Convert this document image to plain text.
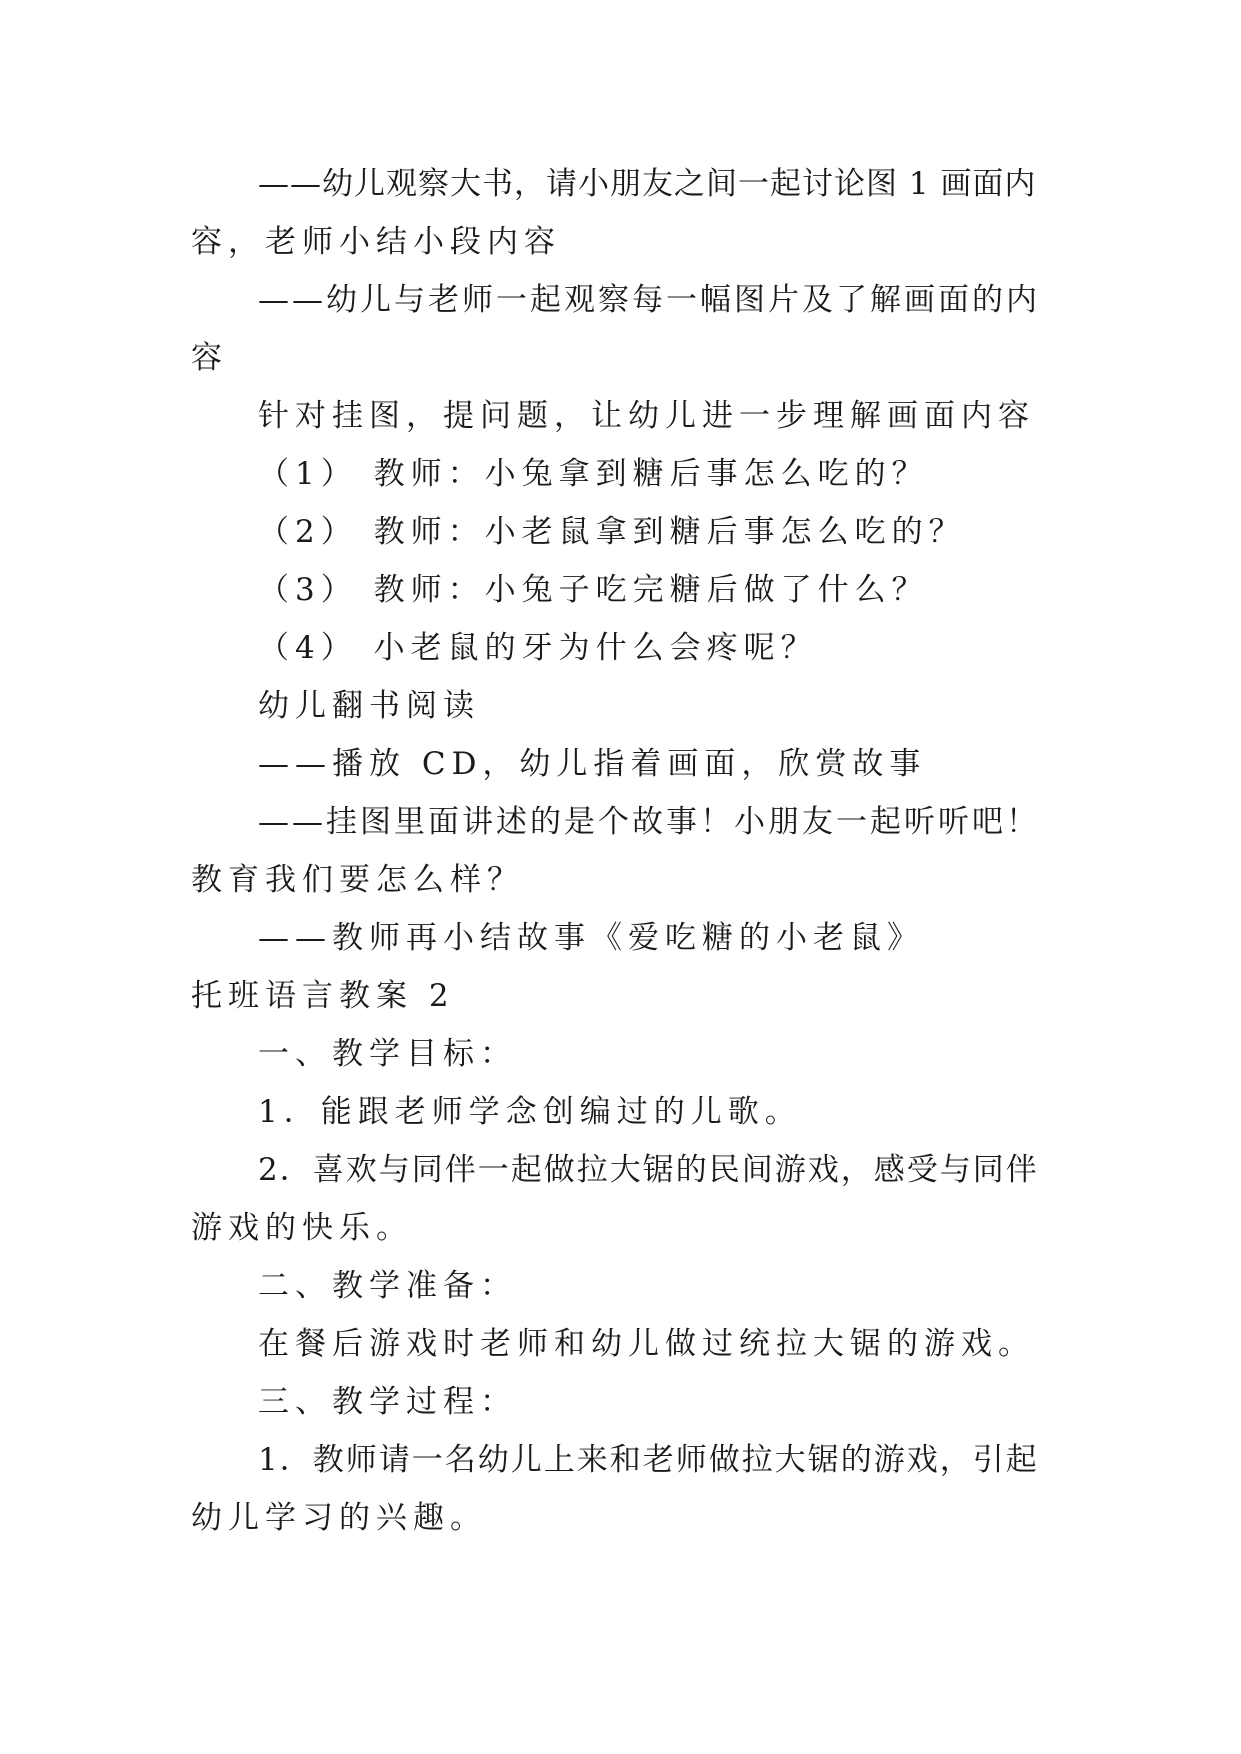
——幼儿观察大书，请小朋友之间一起讨论图 1 画面内
容，老师小结小段内容
——幼儿与老师一起观察每一幅图片及了解画面的内
容
针对挂图，提问题，让幼儿进一步理解画面内容
（1） 教师：小兔拿到糖后事怎么吃的？
（2） 教师：小老鼠拿到糖后事怎么吃的？
（3） 教师：小兔子吃完糖后做了什么？
（4） 小老鼠的牙为什么会疼呢？
幼儿翻书阅读
——播放 CD，幼儿指着画面，欣赏故事
——挂图里面讲述的是个故事！小朋友一起听听吧！
教育我们要怎么样？
——教师再小结故事《爱吃糖的小老鼠》
托班语言教案 2
一、教学目标：
1．能跟老师学念创编过的儿歌。
2．喜欢与同伴一起做拉大锯的民间游戏，感受与同伴
游戏的快乐。
二、教学准备：
在餐后游戏时老师和幼儿做过统拉大锯的游戏。
三、教学过程：
1．教师请一名幼儿上来和老师做拉大锯的游戏，引起
幼儿学习的兴趣。
